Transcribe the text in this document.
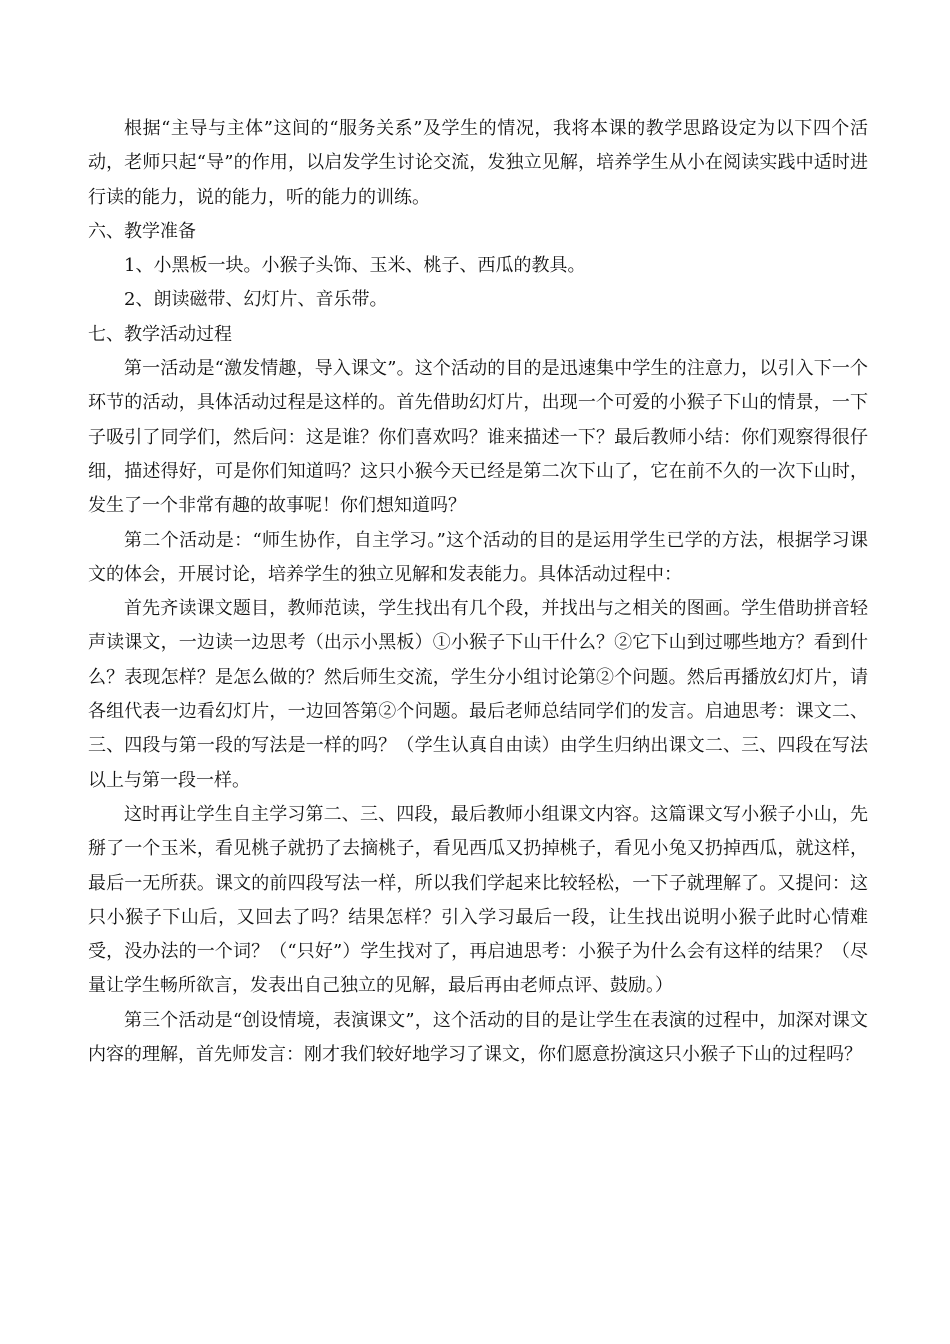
根据“主导与主体”这间的“服务关系”及学生的情况，我将本课的教学思路设定为以下四个活动，老师只起“导”的作用，以启发学生讨论交流，发独立见解，培养学生从小在阅读实践中适时进行读的能力，说的能力，听的能力的训练。

六、教学准备

1、小黑板一块。小猴子头饰、玉米、桃子、西瓜的教具。

2、朗读磁带、幻灯片、音乐带。

七、教学活动过程

第一活动是“激发情趣，导入课文”。这个活动的目的是迅速集中学生的注意力，以引入下一个环节的活动，具体活动过程是这样的。首先借助幻灯片，出现一个可爱的小猴子下山的情景，一下子吸引了同学们，然后问：这是谁？你们喜欢吗？谁来描述一下？最后教师小结：你们观察得很仔细，描述得好，可是你们知道吗？这只小猴今天已经是第二次下山了，它在前不久的一次下山时，发生了一个非常有趣的故事呢！你们想知道吗？

第二个活动是：“师生协作，自主学习。”这个活动的目的是运用学生已学的方法，根据学习课文的体会，开展讨论，培养学生的独立见解和发表能力。具体活动过程中：

首先齐读课文题目，教师范读，学生找出有几个段，并找出与之相关的图画。学生借助拼音轻声读课文，一边读一边思考（出示小黑板）①小猴子下山干什么？②它下山到过哪些地方？看到什么？表现怎样？是怎么做的？然后师生交流，学生分小组讨论第②个问题。然后再播放幻灯片，请各组代表一边看幻灯片，一边回答第②个问题。最后老师总结同学们的发言。启迪思考：课文二、三、四段与第一段的写法是一样的吗？（学生认真自由读）由学生归纳出课文二、三、四段在写法以上与第一段一样。

这时再让学生自主学习第二、三、四段，最后教师小组课文内容。这篇课文写小猴子小山，先掰了一个玉米，看见桃子就扔了去摘桃子，看见西瓜又扔掉桃子，看见小兔又扔掉西瓜，就这样，最后一无所获。课文的前四段写法一样，所以我们学起来比较轻松，一下子就理解了。又提问：这只小猴子下山后，又回去了吗？结果怎样？引入学习最后一段，让生找出说明小猴子此时心情难受，没办法的一个词？（“只好”）学生找对了，再启迪思考：小猴子为什么会有这样的结果？（尽量让学生畅所欲言，发表出自己独立的见解，最后再由老师点评、鼓励。）

第三个活动是“创设情境，表演课文”，这个活动的目的是让学生在表演的过程中，加深对课文内容的理解，首先师发言：刚才我们较好地学习了课文，你们愿意扮演这只小猴子下山的过程吗？
